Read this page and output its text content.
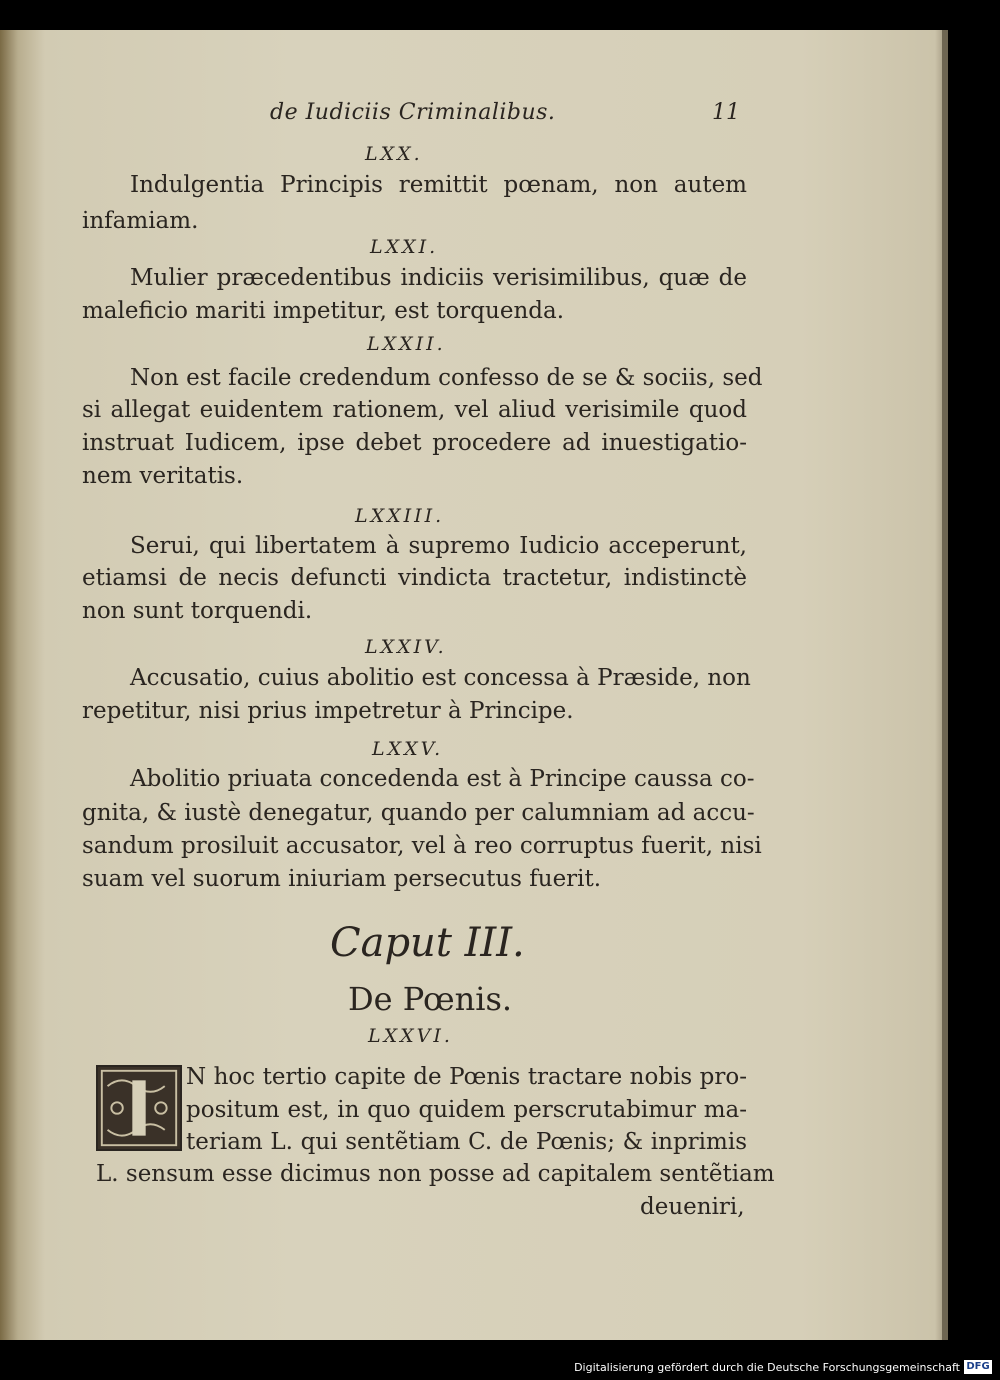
de Iudiciis Criminalibus.	11
LXX.
Indulgentia Principis remittit pœnam, non autem
infamiam.
LXXI.
Mulier præcedentibus indiciis verisimilibus, quæ de
maleficio mariti impetitur, est torquenda.
LXXII.
Non est facile credendum confesso de se & sociis, sed
si allegat euidentem rationem, vel aliud verisimile quod
instruat Iudicem, ipse debet procedere ad inuestigatio-
nem veritatis.
LXXIII.
Serui, qui libertatem à supremo Iudicio acceperunt,
etiamsi de necis defuncti vindicta tractetur, indistinctè
non sunt torquendi.
LXXIV.
Accusatio, cuius abolitio est concessa à Præside, non
repetitur, nisi prius impetretur à Principe.
LXXV.
Abolitio priuata concedenda est à Principe caussa co-
gnita, & iustè denegatur, quando per calumniam ad accu-
sandum prosiluit accusator, vel à reo corruptus fuerit, nisi
suam vel suorum iniuriam persecutus fuerit.
Caput III.
De Pœnis.
LXXVI.
N hoc tertio capite de Pœnis tractare nobis pro-
positum est, in quo quidem perscrutabimur ma-
teriam L. qui sentẽtiam C. de Pœnis; & inprimis
L. sensum esse dicimus non posse ad capitalem sentẽtiam
deueniri,
Digitalisierung gefördert durch die Deutsche Forschungsgemeinschaft DFG
